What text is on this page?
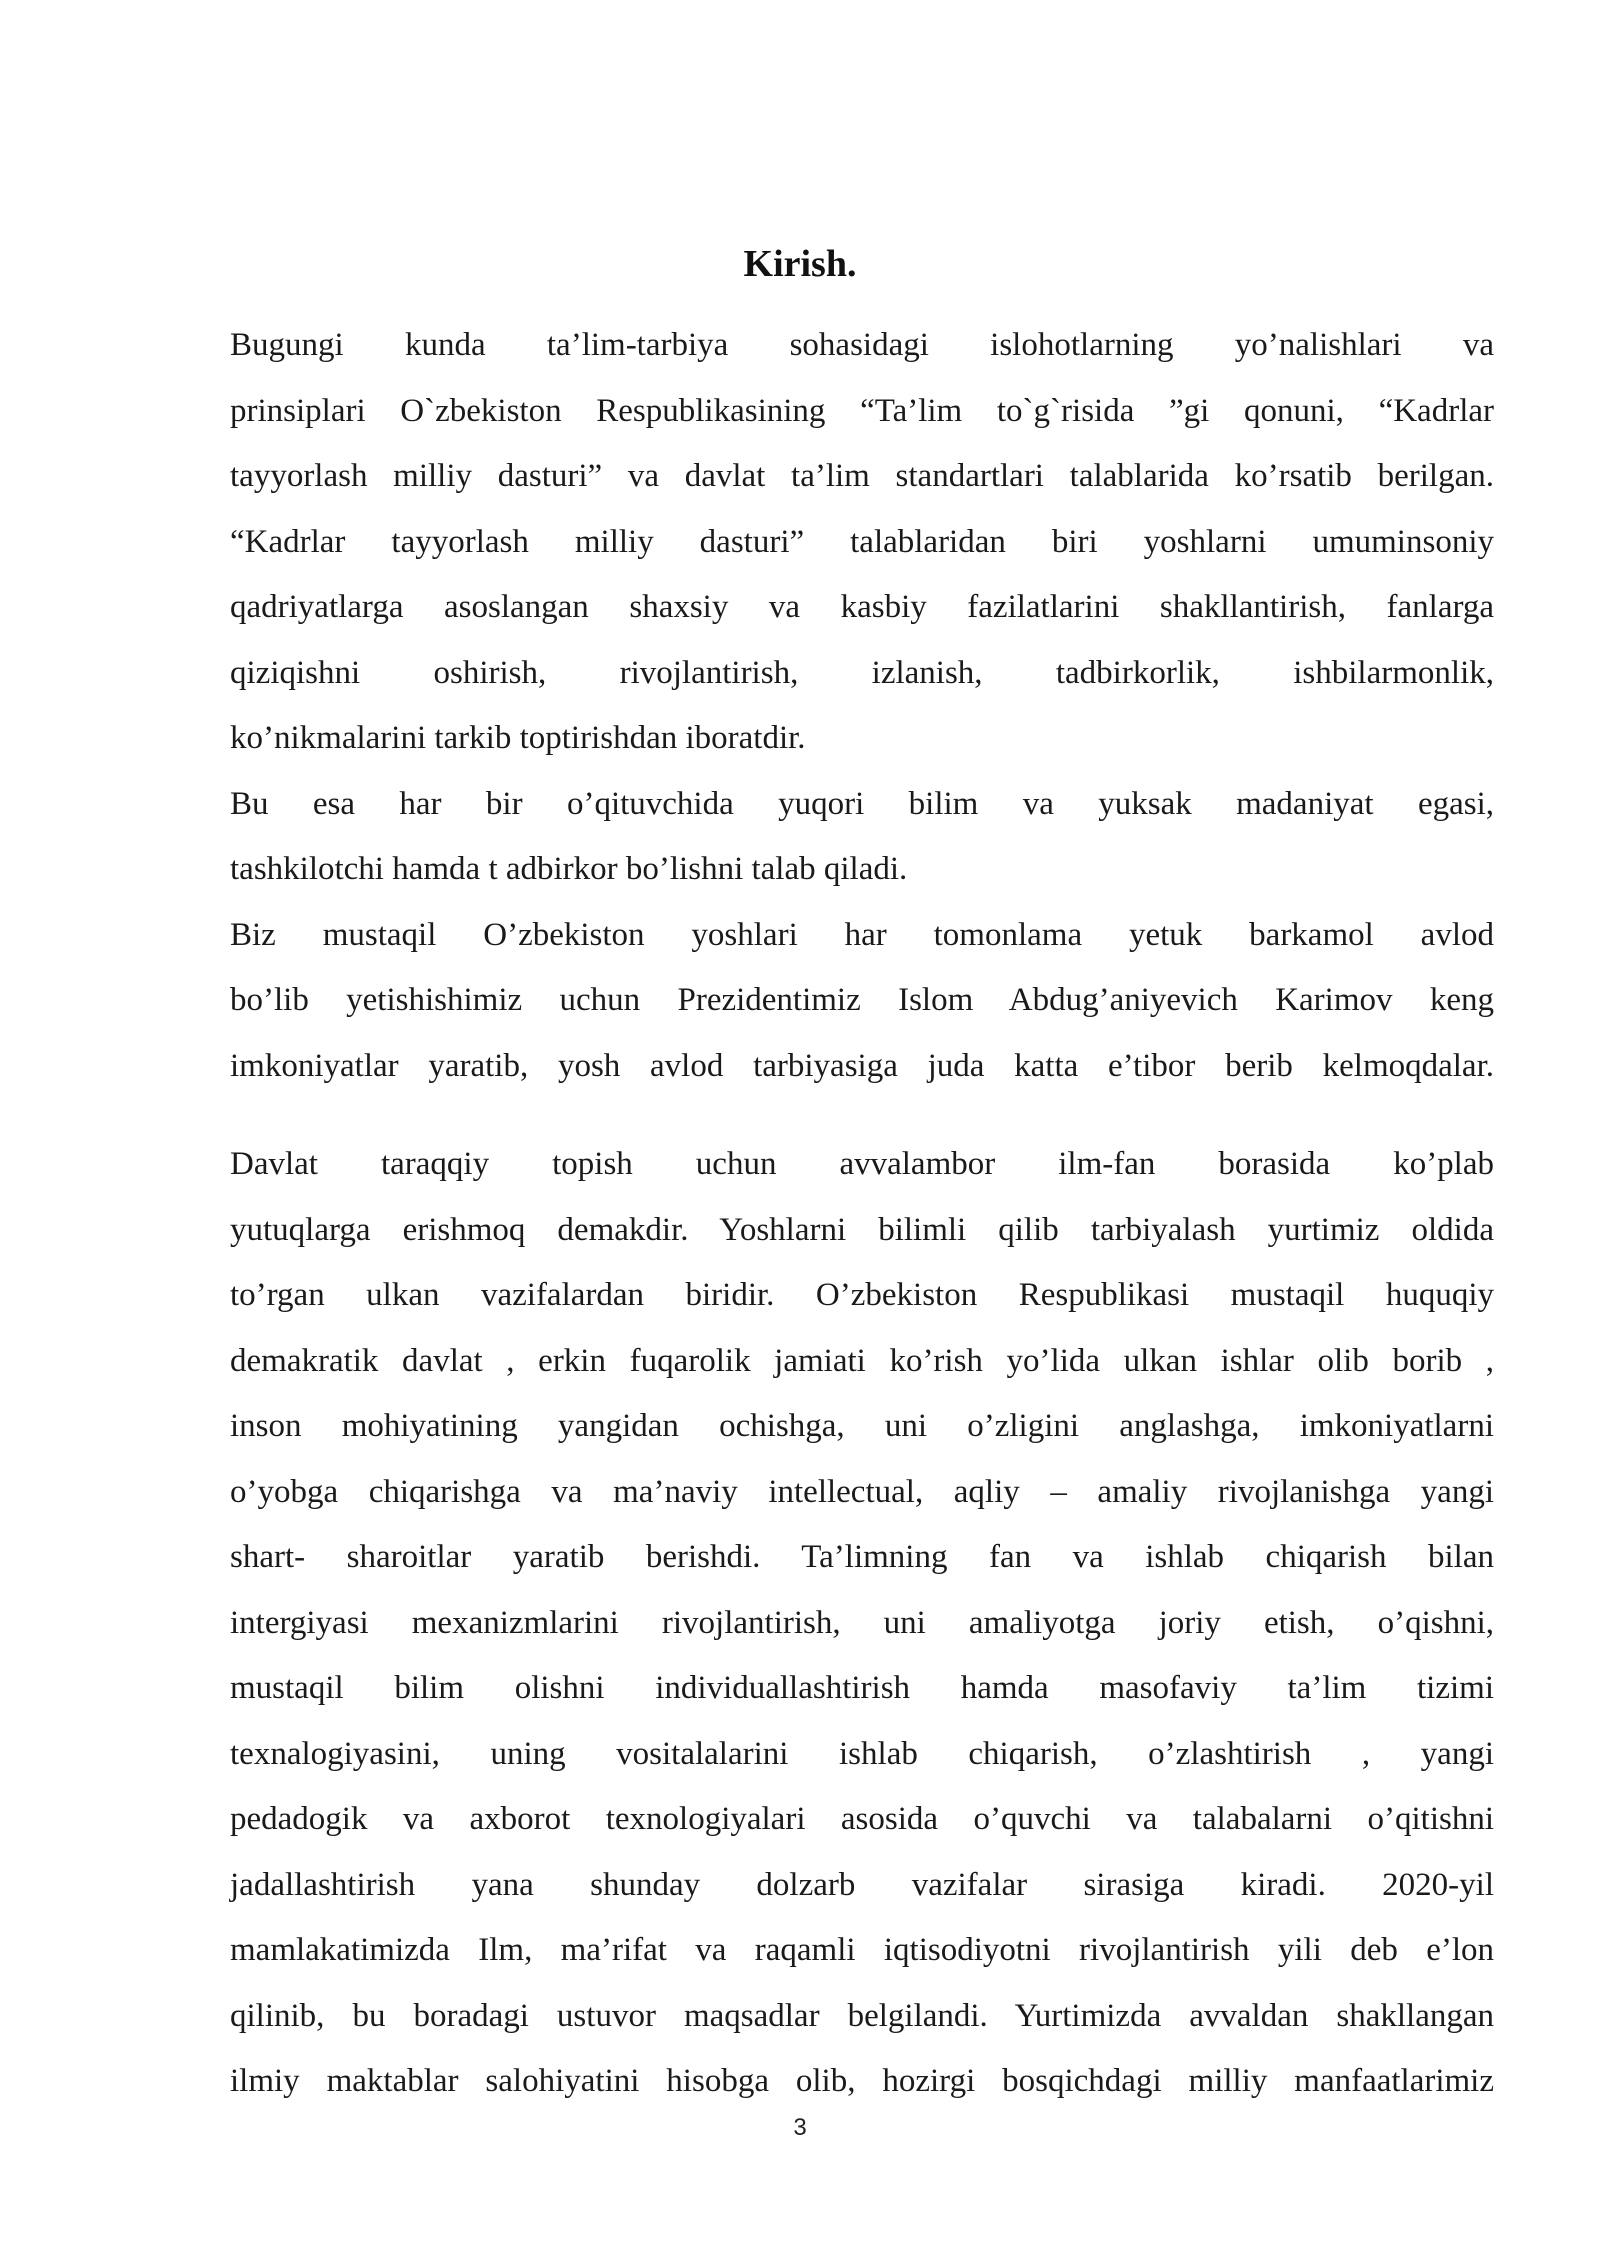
Kirish.
Bugungi kunda ta’lim-tarbiya sohasidagi islohotlarning yo’nalishlari va
prinsiplari O`zbekiston Respublikasining “Ta’lim to`g`risida ”gi qonuni, “Kadrlar
tayyorlash milliy dasturi” va davlat ta’lim standartlari talablarida ko’rsatib berilgan.
“Kadrlar tayyorlash milliy dasturi” talablaridan biri yoshlarni umuminsoniy
qadriyatlarga asoslangan shaxsiy va kasbiy fazilatlarini shakllantirish, fanlarga
qiziqishni oshirish, rivojlantirish, izlanish, tadbirkorlik, ishbilarmonlik,
ko’nikmalarini tarkib toptirishdan iboratdir.
Bu esa har bir o’qituvchida yuqori bilim va yuksak madaniyat egasi,
tashkilotchi hamda t adbirkor bo’lishni talab qiladi.
Biz mustaqil O’zbekiston yoshlari har tomonlama yetuk barkamol avlod
bo’lib yetishishimiz uchun Prezidentimiz Islom Abdug’aniyevich Karimov keng
imkoniyatlar yaratib, yosh avlod tarbiyasiga juda katta e’tibor berib kelmoqdalar.
Davlat taraqqiy topish uchun avvalambor ilm-fan borasida ko’plab
yutuqlarga erishmoq demakdir. Yoshlarni bilimli qilib tarbiyalash yurtimiz oldida
to’rgan ulkan vazifalardan biridir. O’zbekiston Respublikasi mustaqil huquqiy
demakratik davlat , erkin fuqarolik jamiati ko’rish yo’lida ulkan ishlar olib borib ,
inson mohiyatining yangidan ochishga, uni o’zligini anglashga, imkoniyatlarni
o’yobga chiqarishga va ma’naviy intellectual, aqliy – amaliy rivojlanishga yangi
shart- sharoitlar yaratib berishdi. Ta’limning fan va ishlab chiqarish bilan
intergiyasi mexanizmlarini rivojlantirish, uni amaliyotga joriy etish, o’qishni,
mustaqil bilim olishni individuallashtirish hamda masofaviy ta’lim tizimi
texnalogiyasini, uning vositalalarini ishlab chiqarish, o’zlashtirish , yangi
pedadogik va axborot texnologiyalari asosida o’quvchi va talabalarni o’qitishni
jadallashtirish yana shunday dolzarb vazifalar sirasiga kiradi. 2020-yil
mamlakatimizda Ilm, ma’rifat va raqamli iqtisodiyotni rivojlantirish yili deb e’lon
qilinib, bu boradagi ustuvor maqsadlar belgilandi. Yurtimizda avvaldan shakllangan
ilmiy maktablar salohiyatini hisobga olib, hozirgi bosqichdagi milliy manfaatlarimiz
3
